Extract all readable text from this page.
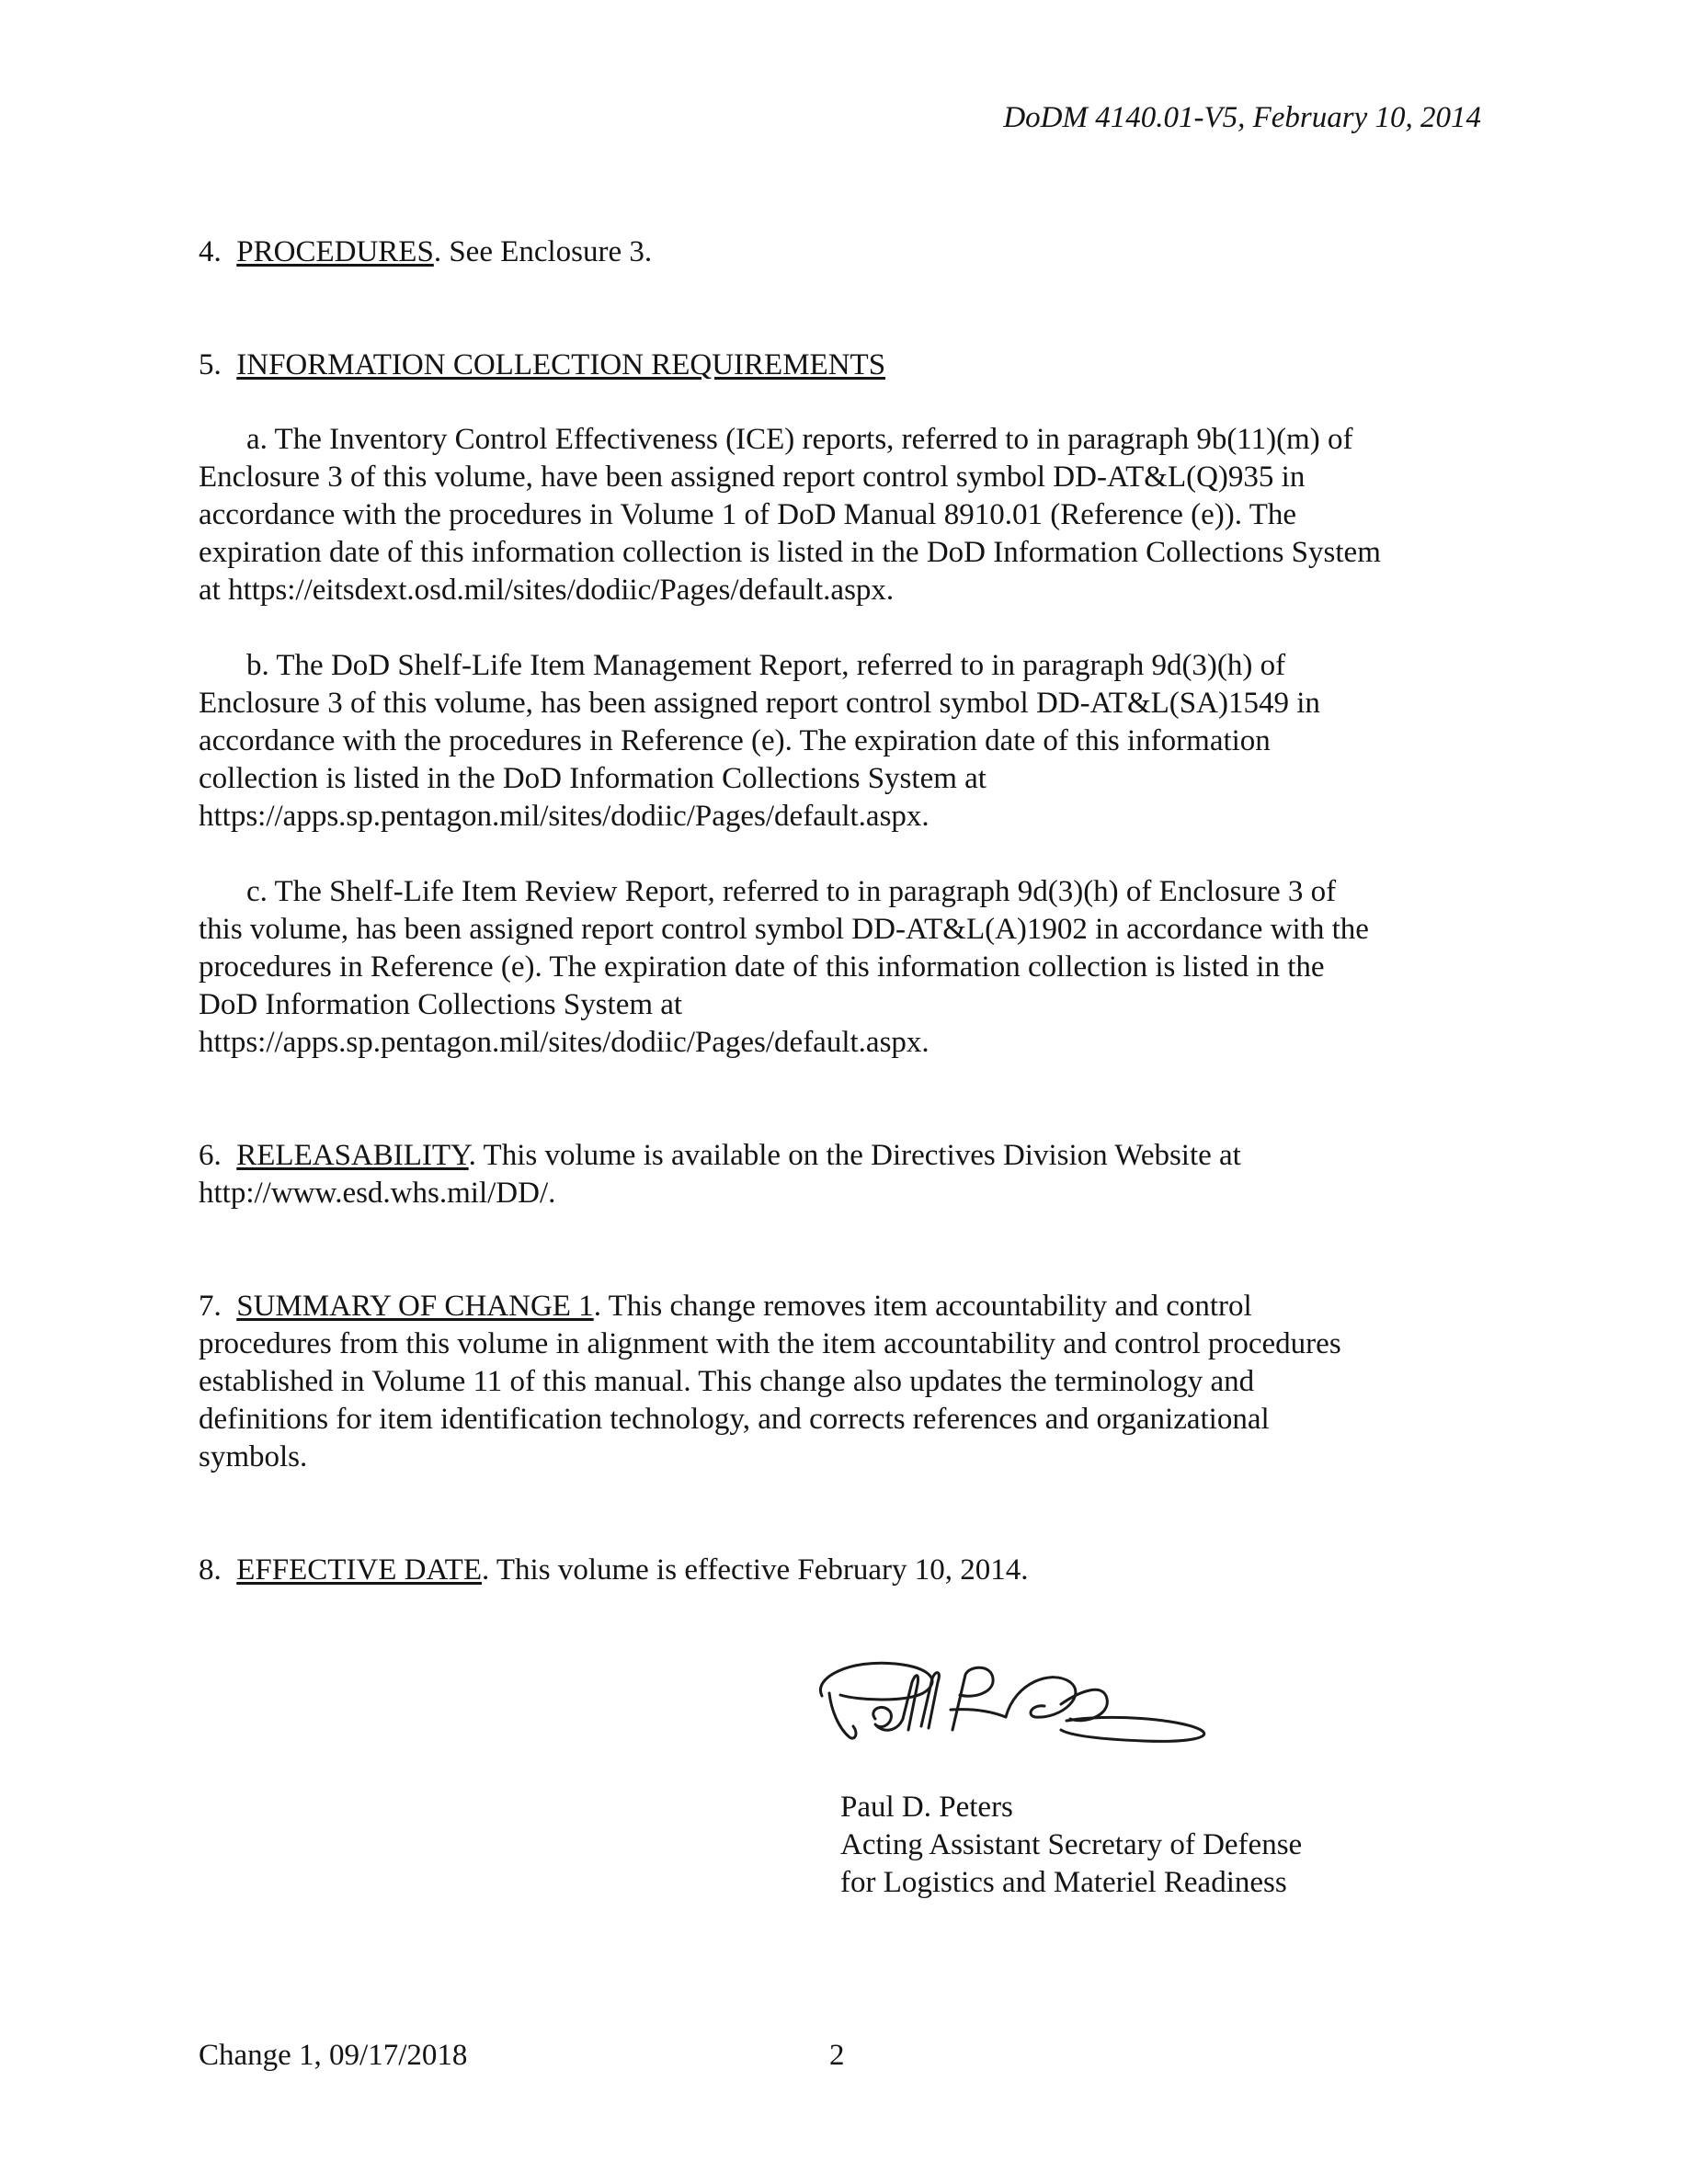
DoDM 4140.01-V5, February 10, 2014

4. PROCEDURES. See Enclosure 3.

5. INFORMATION COLLECTION REQUIREMENTS

a. The Inventory Control Effectiveness (ICE) reports, referred to in paragraph 9b(11)(m) of
Enclosure 3 of this volume, have been assigned report control symbol DD-AT&L(Q)935 in
accordance with the procedures in Volume 1 of DoD Manual 8910.01 (Reference (e)). The
expiration date of this information collection is listed in the DoD Information Collections System
at https://eitsdext.osd.mil/sites/dodiic/Pages/default.aspx.

b. The DoD Shelf-Life Item Management Report, referred to in paragraph 9d(3)(h) of
Enclosure 3 of this volume, has been assigned report control symbol DD-AT&L(SA)1549 in
accordance with the procedures in Reference (e). The expiration date of this information
collection is listed in the DoD Information Collections System at
https://apps.sp.pentagon.mil/sites/dodiic/Pages/default.aspx.

c. The Shelf-Life Item Review Report, referred to in paragraph 9d(3)(h) of Enclosure 3 of
this volume, has been assigned report control symbol DD-AT&L(A)1902 in accordance with the
procedures in Reference (e). The expiration date of this information collection is listed in the
DoD Information Collections System at
https://apps.sp.pentagon.mil/sites/dodiic/Pages/default.aspx.

6. RELEASABILITY. This volume is available on the Directives Division Website at
http://www.esd.whs.mil/DD/.

7. SUMMARY OF CHANGE 1. This change removes item accountability and control
procedures from this volume in alignment with the item accountability and control procedures
established in Volume 11 of this manual. This change also updates the terminology and
definitions for item identification technology, and corrects references and organizational
symbols.

8. EFFECTIVE DATE. This volume is effective February 10, 2014.

Paul D. Peters
Acting Assistant Secretary of Defense
for Logistics and Materiel Readiness
Change 1, 09/17/2018	2
